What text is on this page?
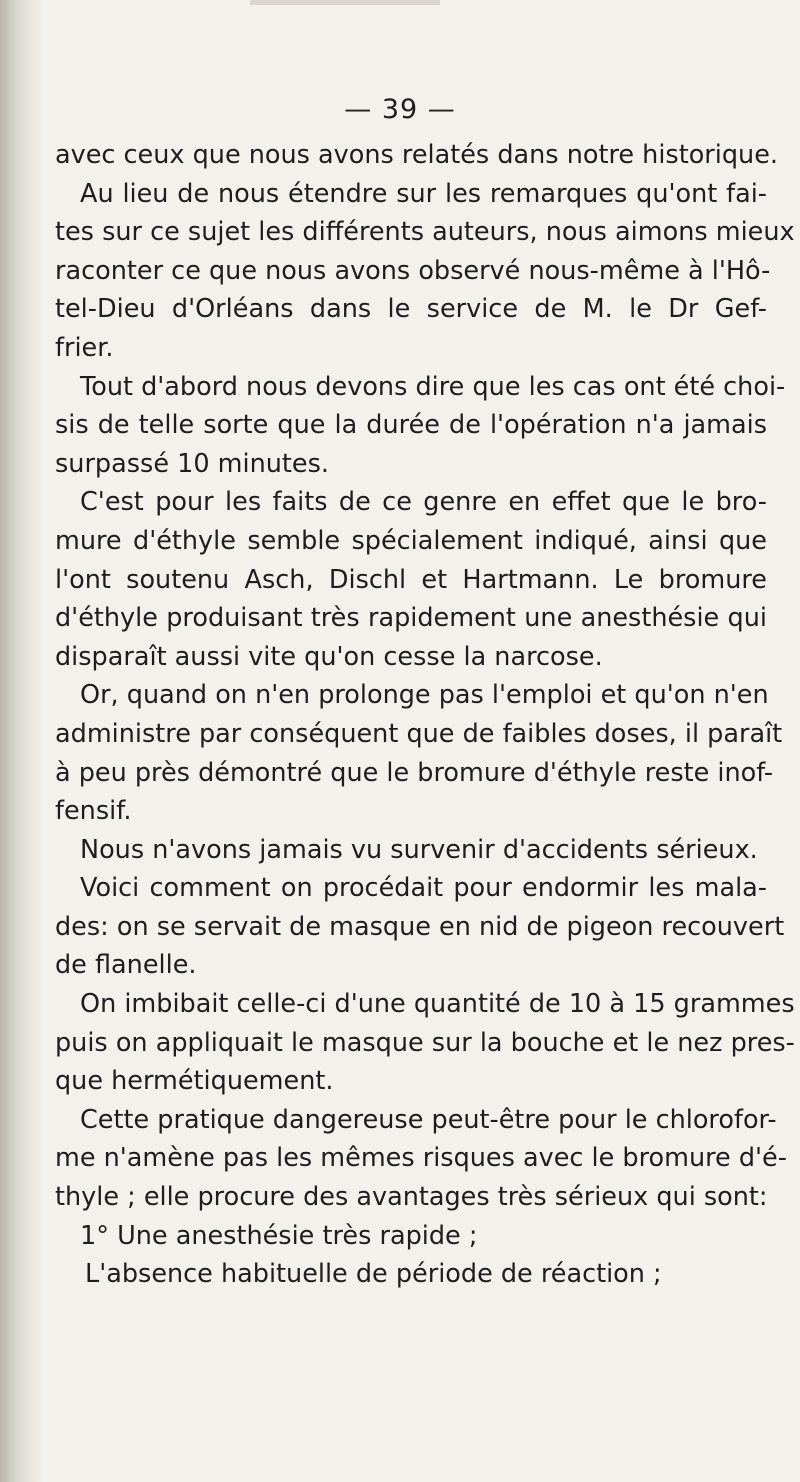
— 39 —
avec ceux que nous avons relatés dans notre historique.
Au lieu de nous étendre sur les remarques qu'ont fai-
tes sur ce sujet les différents auteurs, nous aimons mieux
raconter ce que nous avons observé nous-même à l'Hô-
tel-Dieu d'Orléans dans le service de M. le Dr Gef-
frier.
Tout d'abord nous devons dire que les cas ont été choi-
sis de telle sorte que la durée de l'opération n'a jamais
surpassé 10 minutes.
C'est pour les faits de ce genre en effet que le bro-
mure d'éthyle semble spécialement indiqué, ainsi que
l'ont soutenu Asch, Dischl et Hartmann. Le bromure
d'éthyle produisant très rapidement une anesthésie qui
disparaît aussi vite qu'on cesse la narcose.
Or, quand on n'en prolonge pas l'emploi et qu'on n'en
administre par conséquent que de faibles doses, il paraît
à peu près démontré que le bromure d'éthyle reste inof-
fensif.
Nous n'avons jamais vu survenir d'accidents sérieux.
Voici comment on procédait pour endormir les mala-
des: on se servait de masque en nid de pigeon recouvert
de flanelle.
On imbibait celle-ci d'une quantité de 10 à 15 grammes
puis on appliquait le masque sur la bouche et le nez pres-
que hermétiquement.
Cette pratique dangereuse peut-être pour le chlorofor-
me n'amène pas les mêmes risques avec le bromure d'é-
thyle ; elle procure des avantages très sérieux qui sont:
1° Une anesthésie très rapide ;
L'absence habituelle de période de réaction ;
